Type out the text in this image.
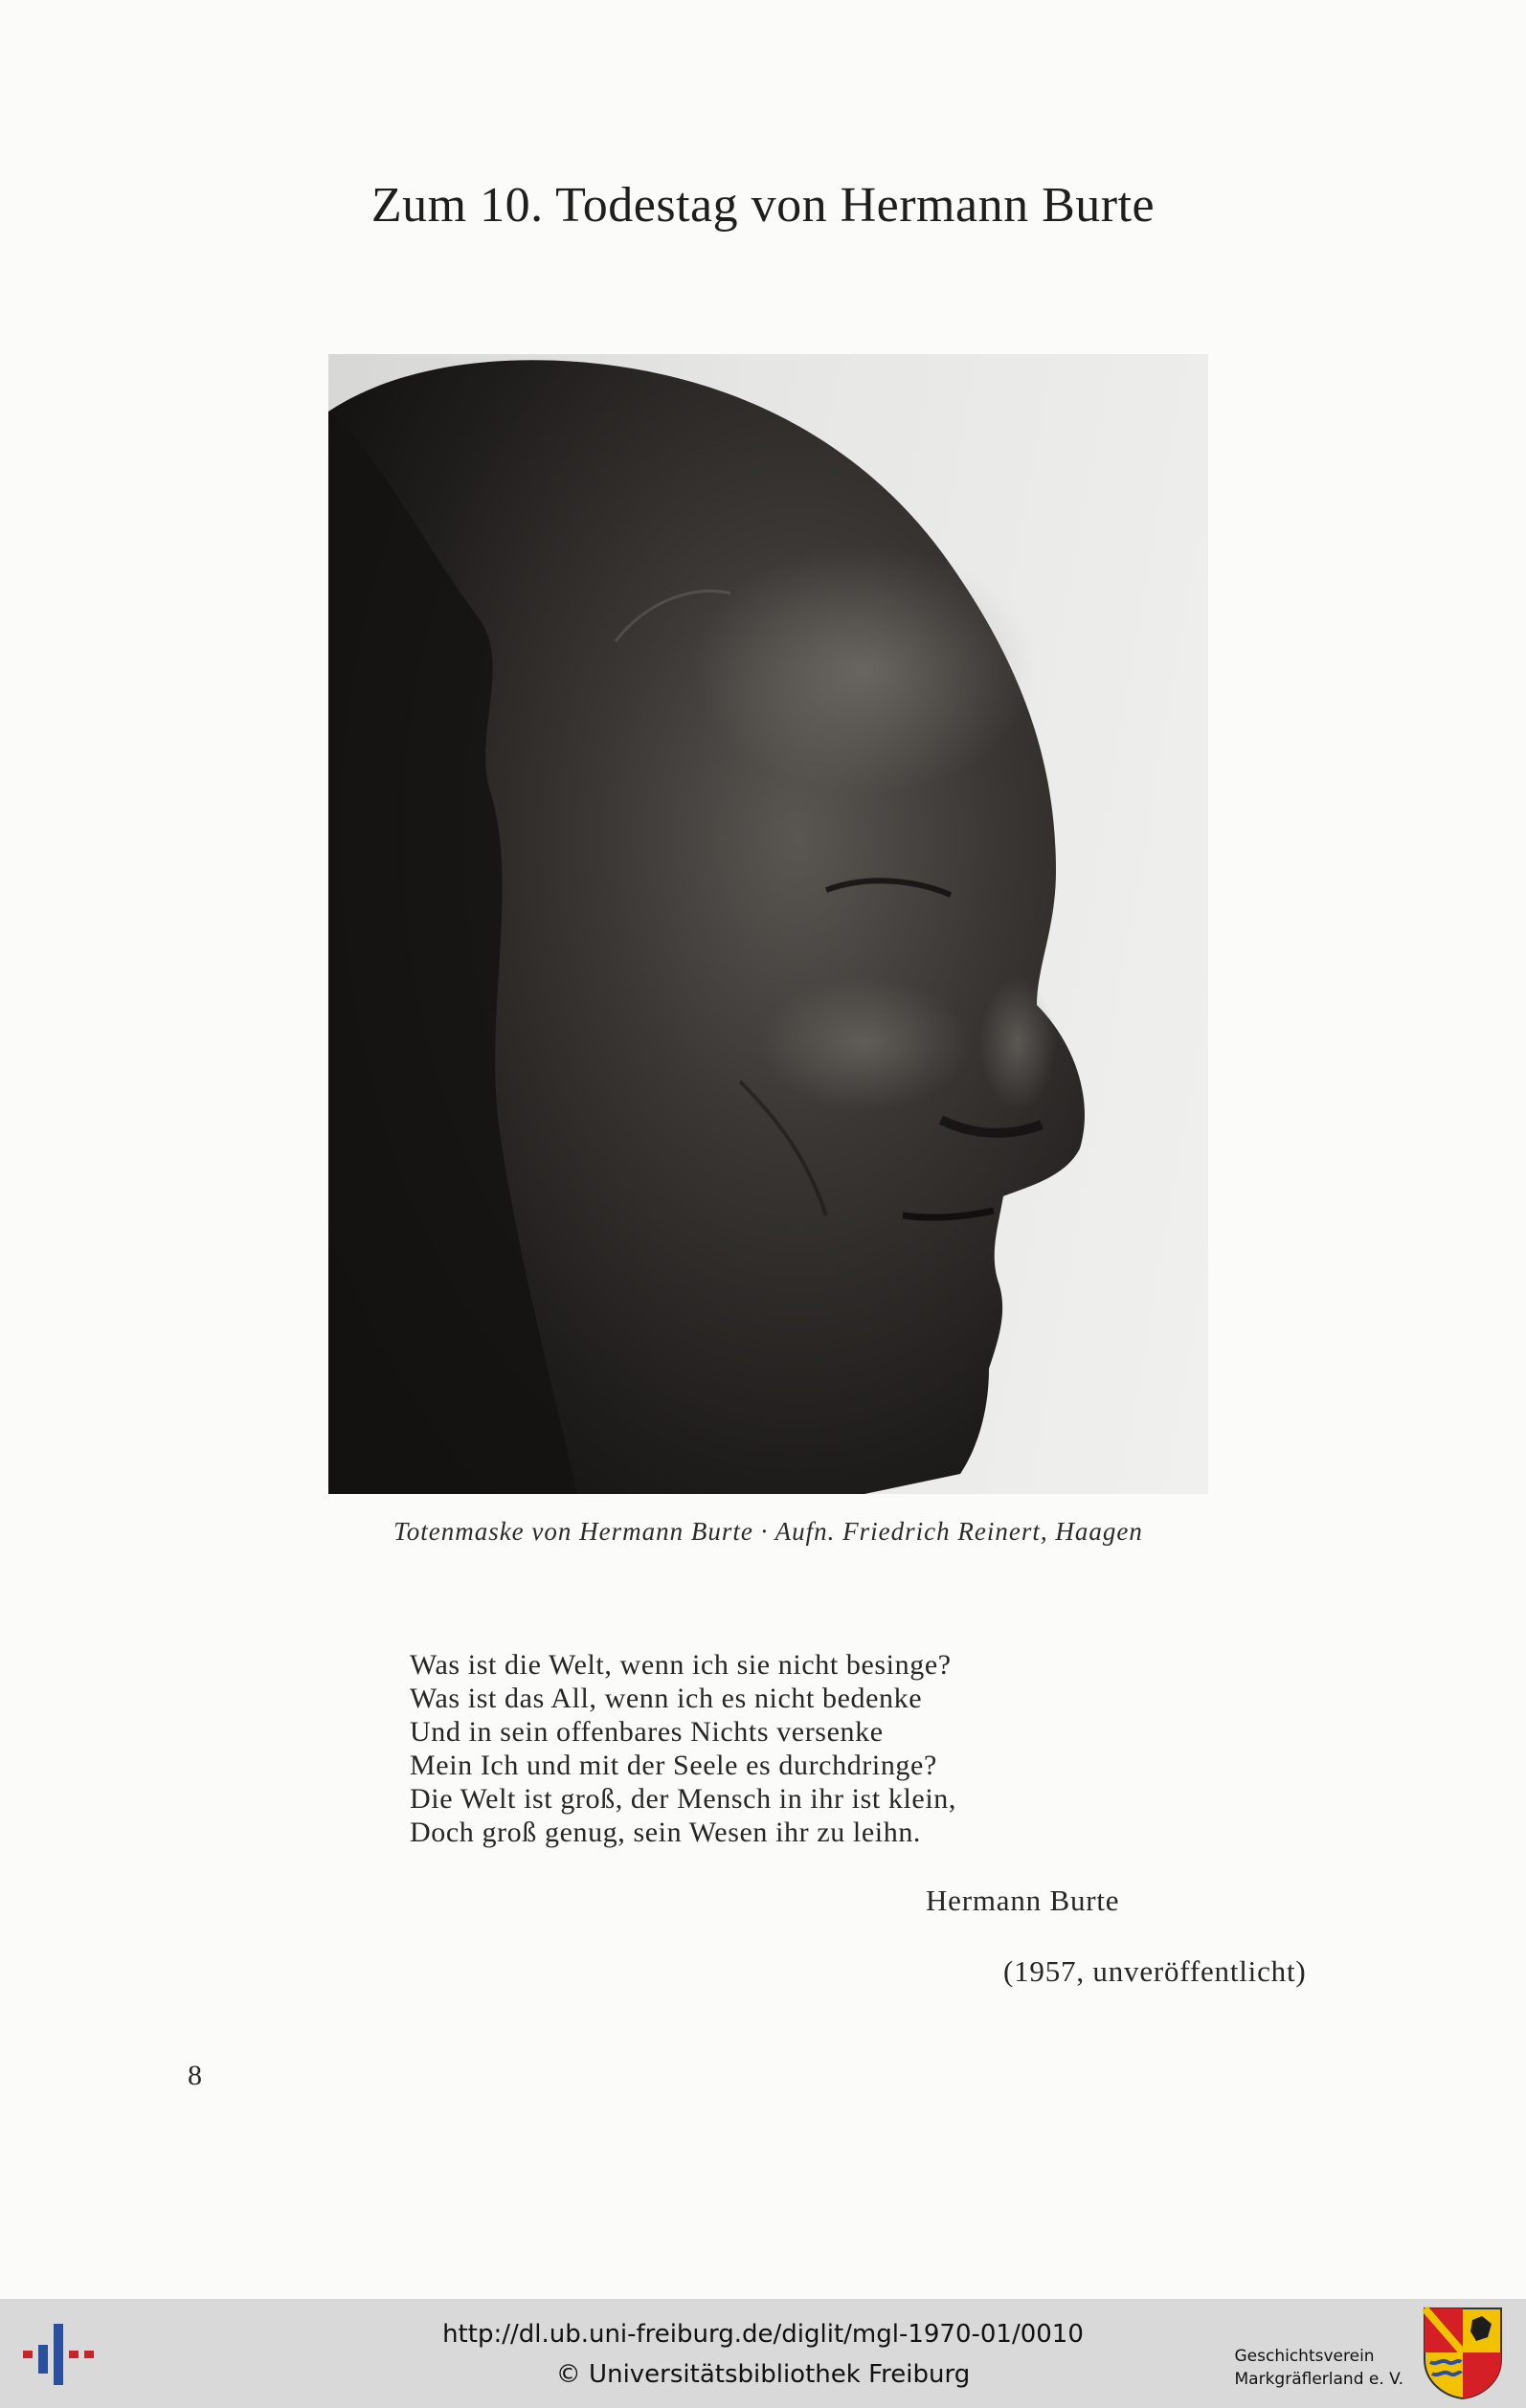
Zum 10. Todestag von Hermann Burte
Totenmaske von Hermann Burte · Aufn. Friedrich Reinert, Haagen
Was ist die Welt, wenn ich sie nicht besinge?
Was ist das All, wenn ich es nicht bedenke
Und in sein offenbares Nichts versenke
Mein Ich und mit der Seele es durchdringe?
Die Welt ist groß, der Mensch in ihr ist klein,
Doch groß genug, sein Wesen ihr zu leihn.
Hermann Burte
(1957, unveröffentlicht)
8
http://dl.ub.uni-freiburg.de/diglit/mgl-1970-01/0010
© Universitätsbibliothek Freiburg
Geschichtsverein
Markgräflerland e. V.
